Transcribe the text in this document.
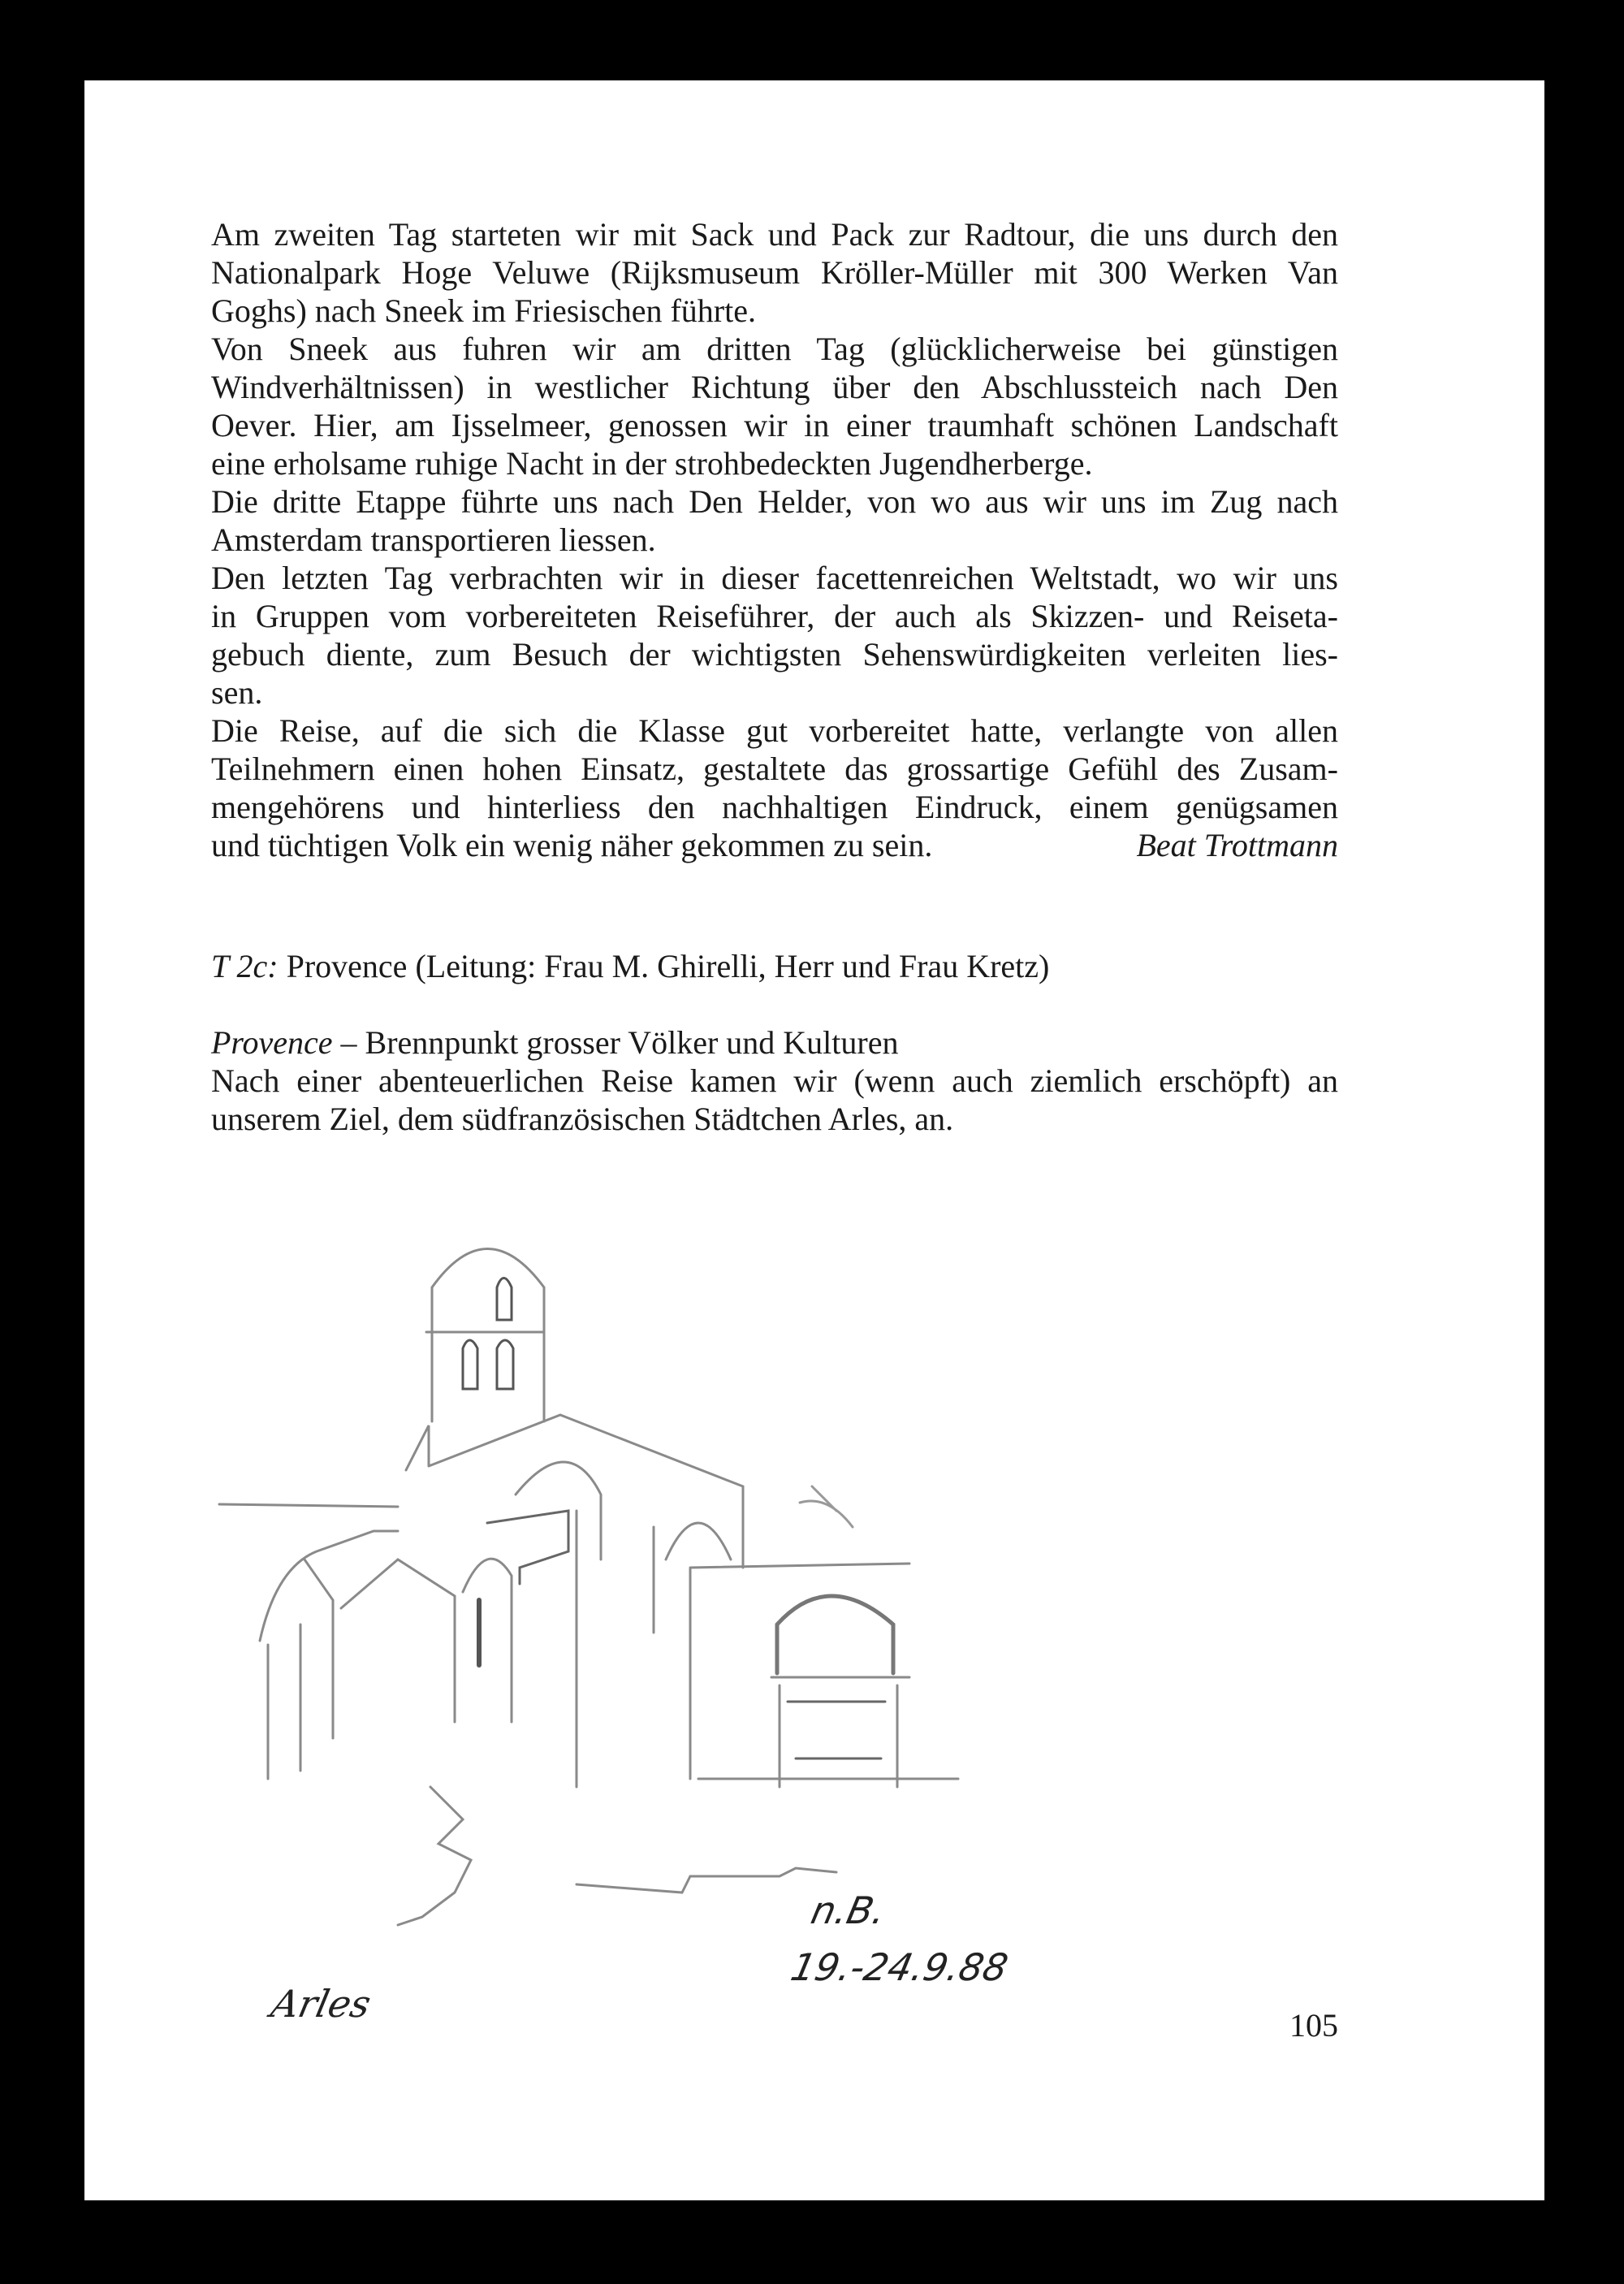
Am zweiten Tag starteten wir mit Sack und Pack zur Radtour, die uns durch den
Nationalpark Hoge Veluwe (Rijksmuseum Kröller-Müller mit 300 Werken Van
Goghs) nach Sneek im Friesischen führte.
Von Sneek aus fuhren wir am dritten Tag (glücklicherweise bei günstigen
Windverhältnissen) in westlicher Richtung über den Abschlussteich nach Den
Oever. Hier, am Ijsselmeer, genossen wir in einer traumhaft schönen Landschaft
eine erholsame ruhige Nacht in der strohbedeckten Jugendherberge.
Die dritte Etappe führte uns nach Den Helder, von wo aus wir uns im Zug nach
Amsterdam transportieren liessen.
Den letzten Tag verbrachten wir in dieser facettenreichen Weltstadt, wo wir uns
in Gruppen vom vorbereiteten Reiseführer, der auch als Skizzen- und Reiseta-
gebuch diente, zum Besuch der wichtigsten Sehenswürdigkeiten verleiten lies-
sen.
Die Reise, auf die sich die Klasse gut vorbereitet hatte, verlangte von allen
Teilnehmern einen hohen Einsatz, gestaltete das grossartige Gefühl des Zusam-
mengehörens und hinterliess den nachhaltigen Eindruck, einem genügsamen
und tüchtigen Volk ein wenig näher gekommen zu sein.	Beat Trottmann
T 2c: Provence (Leitung: Frau M. Ghirelli, Herr und Frau Kretz)
Provence – Brennpunkt grosser Völker und Kulturen
Nach einer abenteuerlichen Reise kamen wir (wenn auch ziemlich erschöpft) an
unserem Ziel, dem südfranzösischen Städtchen Arles, an.
n.B.
19.-24.9.88
Arles	105
